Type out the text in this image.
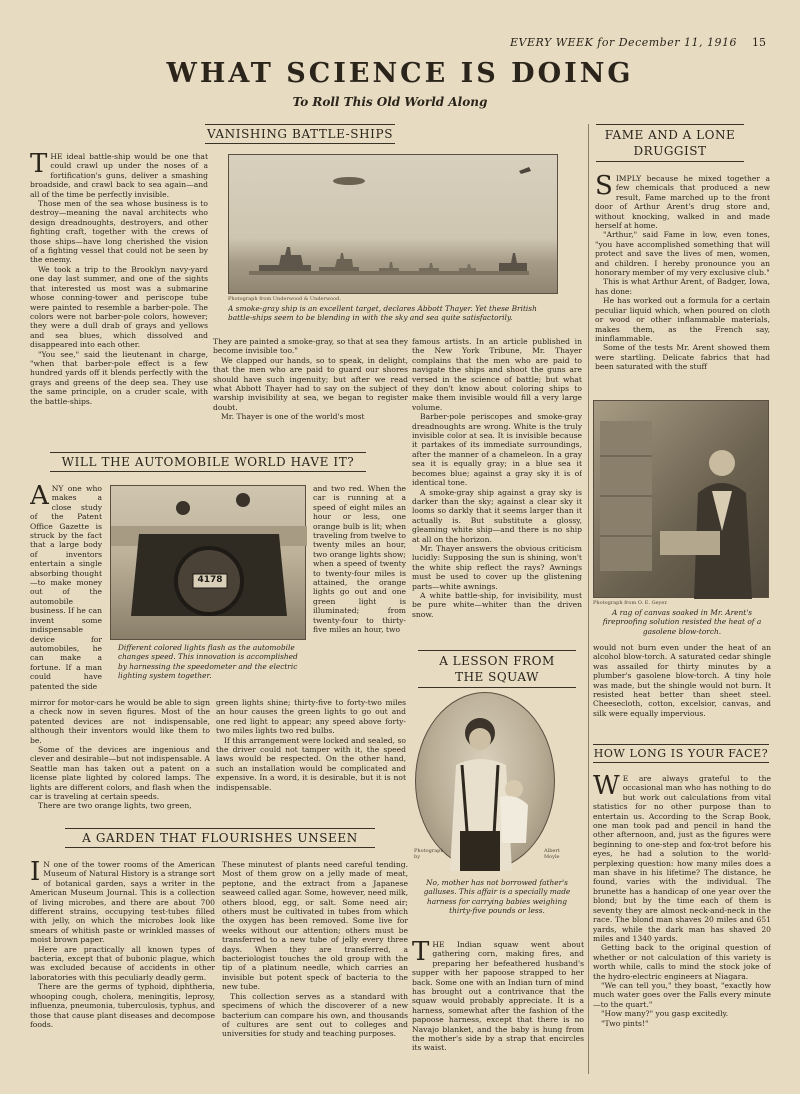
EVERY WEEK for December 11, 1916 15
WHAT SCIENCE IS DOING
To Roll This Old World Along
VANISHING BATTLE-SHIPS
T HE ideal battle-ship would be one that could crawl up under the noses of a fortification's guns, deliver a smashing broadside, and crawl back to sea again—and all of the time be perfectly invisible.

Those men of the sea whose business is to destroy—meaning the naval architects who design dreadnoughts, destroyers, and other fighting craft, together with the crews of those ships—have long cherished the vision of a fighting vessel that could not be seen by the enemy.

We took a trip to the Brooklyn navy-yard one day last summer, and one of the sights that interested us most was a submarine whose conning-tower and periscope tube were painted to resemble a barber-pole. The colors were not barber-pole colors, however; they were a dull drab of grays and yellows and sea blues, which dissolved and disappeared into each other.

"You see," said the lieutenant in charge, "when that barber-pole effect is a few hundred yards off it blends perfectly with the grays and greens of the deep sea. They use the same principle, on a cruder scale, with the battle-ships.

Photograph from Underwood & Underwood.
A smoke-gray ship is an excellent target, declares Abbott Thayer. Yet these British battle-ships seem to be blending in with the sky and sea quite satisfactorily.

They are painted a smoke-gray, so that at sea they become invisible too."

We clapped our hands, so to speak, in delight, that the men who are paid to guard our shores should have such ingenuity; but after we read what Abbott Thayer had to say on the subject of warship invisibility at sea, we began to register doubt.

Mr. Thayer is one of the world's most

famous artists. In an article published in the New York Tribune, Mr. Thayer complains that the men who are paid to navigate the ships and shoot the guns are versed in the science of battle; but what they don't know about coloring ships to make them invisible would fill a very large volume.

Barber-pole periscopes and smoke-gray dreadnoughts are wrong. White is the truly invisible color at sea. It is invisible because it partakes of its immediate surroundings, after the manner of a chameleon. In a gray sea it is equally gray; in a blue sea it becomes blue; against a gray sky it is of identical tone.

A smoke-gray ship against a gray sky is darker than the sky; against a clear sky it looms so darkly that it seems larger than it actually is. But substitute a glossy, gleaming white ship—and there is no ship at all on the horizon.

Mr. Thayer answers the obvious criticism lucidly: Supposing the sun is shining, won't the white ship reflect the rays? Awnings must be used to cover up the glistening parts—white awnings.

A white battle-ship, for invisibility, must be pure white—whiter than the driven snow.

FAME AND A LONE
DRUGGIST
S IMPLY because he mixed together a few chemicals that produced a new result, Fame marched up to the front door of Arthur Arent's drug store and, without knocking, walked in and made herself at home.

"Arthur," said Fame in low, even tones, "you have accomplished something that will protect and save the lives of men, women, and children. I hereby pronounce you an honorary member of my very exclusive club."

This is what Arthur Arent, of Badger, Iowa, has done:

He has worked out a formula for a certain peculiar liquid which, when poured on cloth or wood or other inflammable materials, makes them, as the French say, ininflammable.

Some of the tests Mr. Arent showed them were startling. Delicate fabrics that had been saturated with the stuff

Photograph from O. E. Geyer.
A rag of canvas soaked in Mr. Arent's fireproofing solution resisted the heat of a gasolene blow-torch.
would not burn even under the heat of an alcohol blow-torch. A saturated cedar shingle was assailed for thirty minutes by a plumber's gasolene blow-torch. A tiny hole was made, but the shingle would not burn. It resisted heat better than sheet steel. Cheesecloth, cotton, excelsior, canvas, and silk were equally impervious.
WILL THE AUTOMOBILE WORLD HAVE IT?
A NY one who makes a close study of the Patent Office Gazette is struck by the fact that a large body of inventors entertain a single absorbing thought—to make money out of the automobile business. If he can invent some indispensable device for automobiles, he can make a fortune. If a man could have patented the side

4178
Different colored lights flash as the automobile changes speed. This innovation is accomplished by harnessing the speedometer and the electric lighting system together.
and two red. When the car is running at a speed of eight miles an hour or less, one orange bulb is lit; when traveling from twelve to twenty miles an hour, two orange lights show; when a speed of twenty to twenty-four miles is attained, the orange lights go out and one green light is illuminated; from twenty-four to thirty-five miles an hour, two

mirror for motor-cars he would be able to sign a check now in seven figures. Most of the patented devices are not indispensable, although their inventors would like them to be.

Some of the devices are ingenious and clever and desirable—but not indispensable. A Seattle man has taken out a patent on a license plate lighted by colored lamps. The lights are different colors, and flash when the car is traveling at certain speeds.

There are two orange lights, two green,

green lights shine; thirty-five to forty-two miles an hour causes the green lights to go out and one red light to appear; any speed above forty-two miles lights two red bulbs.

If this arrangement were locked and sealed, so the driver could not tamper with it, the speed laws would be respected. On the other hand, such an installation would be complicated and expensive. In a word, it is desirable, but it is not indispensable.

A LESSON FROM
THE SQUAW
Photograph by
Albert Moyle
No, mother has not borrowed father's galluses. This affair is a specially made harness for carrying babies weighing thirty-five pounds or less.
T HE Indian squaw went about gathering corn, making fires, and preparing her befeathered husband's supper with her papoose strapped to her back. Some one with an Indian turn of mind has brought out a contrivance that the squaw would probably appreciate. It is a harness, somewhat after the fashion of the papoose harness, except that there is no Navajo blanket, and the baby is hung from the mother's side by a strap that encircles its waist.

A GARDEN THAT FLOURISHES UNSEEN
I N one of the tower rooms of the American Museum of Natural History is a strange sort of botanical garden, says a writer in the American Museum Journal. This is a collection of living microbes, and there are about 700 different strains, occupying test-tubes filled with jelly, on which the microbes look like smears of whitish paste or wrinkled masses of moist brown paper.

Here are practically all known types of bacteria, except that of bubonic plague, which was excluded because of accidents in other laboratories with this peculiarly deadly germ.

There are the germs of typhoid, diphtheria, whooping cough, cholera, meningitis, leprosy, influenza, pneumonia, tuberculosis, typhus, and those that cause plant diseases and decompose foods.

These minutest of plants need careful tending. Most of them grow on a jelly made of meat, peptone, and the extract from a Japanese seaweed called agar. Some, however, need milk, others blood, egg, or salt. Some need air; others must be cultivated in tubes from which the oxygen has been removed. Some live for weeks without our attention; others must be transferred to a new tube of jelly every three days. When they are transferred, a bacteriologist touches the old group with the tip of a platinum needle, which carries an invisible but potent speck of bacteria to the new tube.

This collection serves as a standard with specimens of which the discoverer of a new bacterium can compare his own, and thousands of cultures are sent out to colleges and universities for study and teaching purposes.

HOW LONG IS YOUR FACE?
W E are always grateful to the occasional man who has nothing to do but work out calculations from vital statistics for no other purpose than to entertain us. According to the Scrap Book, one man took pad and pencil in hand the other afternoon, and, just as the figures were beginning to one-step and fox-trot before his eyes, he had a solution to the world-perplexing question: how many miles does a man shave in his lifetime? The distance, he found, varies with the individual. The brunette has a handicap of one year over the blond; but by the time each of them is seventy they are almost neck-and-neck in the race. The blond man shaves 20 miles and 651 yards, while the dark man has shaved 20 miles and 1340 yards.

Getting back to the original question of whether or not calculation of this variety is worth while, calls to mind the stock joke of the hydro-electric engineers at Niagara.

"We can tell you," they boast, "exactly how much water goes over the Falls every minute—to the quart."

"How many?" you gasp excitedly.

"Two pints!"
